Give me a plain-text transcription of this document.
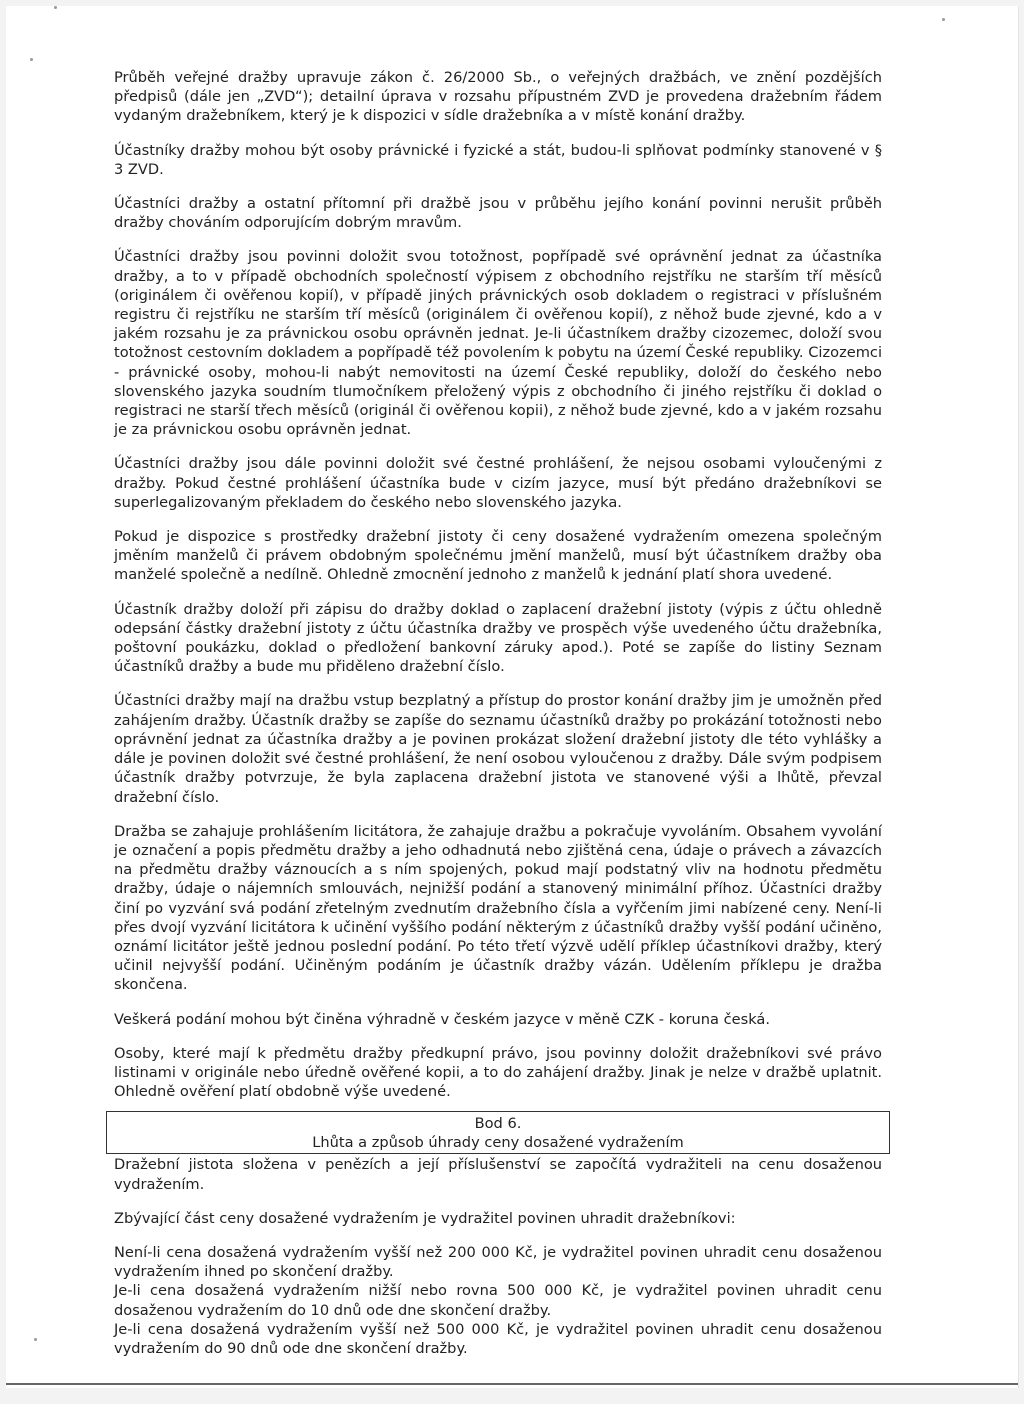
Průběh veřejné dražby upravuje zákon č. 26/2000 Sb., o veřejných dražbách, ve znění pozdějších předpisů (dále jen „ZVD“); detailní úprava v rozsahu přípustném ZVD je provedena dražebním řádem vydaným dražebníkem, který je k dispozici v sídle dražebníka a v místě konání dražby.

Účastníky dražby mohou být osoby právnické i fyzické a stát, budou-li splňovat podmínky stanovené v § 3 ZVD.

Účastníci dražby a ostatní přítomní při dražbě jsou v průběhu jejího konání povinni nerušit průběh dražby chováním odporujícím dobrým mravům.

Účastníci dražby jsou povinni doložit svou totožnost, popřípadě své oprávnění jednat za účastníka dražby, a to v případě obchodních společností výpisem z obchodního rejstříku ne starším tří měsíců (originálem či ověřenou kopií), v případě jiných právnických osob dokladem o registraci v příslušném registru či rejstříku ne starším tří měsíců (originálem či ověřenou kopií), z něhož bude zjevné, kdo a v jakém rozsahu je za právnickou osobu oprávněn jednat. Je-li účastníkem dražby cizozemec, doloží svou totožnost cestovním dokladem a popřípadě též povolením k pobytu na území České republiky. Cizozemci - právnické osoby, mohou-li nabýt nemovitosti na území České republiky, doloží do českého nebo slovenského jazyka soudním tlumočníkem přeložený výpis z obchodního či jiného rejstříku či doklad o registraci ne starší třech měsíců (originál či ověřenou kopii), z něhož bude zjevné, kdo a v jakém rozsahu je za právnickou osobu oprávněn jednat.

Účastníci dražby jsou dále povinni doložit své čestné prohlášení, že nejsou osobami vyloučenými z dražby. Pokud čestné prohlášení účastníka bude v cizím jazyce, musí být předáno dražebníkovi se superlegalizovaným překladem do českého nebo slovenského jazyka.

Pokud je dispozice s prostředky dražební jistoty či ceny dosažené vydražením omezena společným jměním manželů či právem obdobným společnému jmění manželů, musí být účastníkem dražby oba manželé společně a nedílně. Ohledně zmocnění jednoho z manželů k jednání platí shora uvedené.

Účastník dražby doloží při zápisu do dražby doklad o zaplacení dražební jistoty (výpis z účtu ohledně odepsání částky dražební jistoty z účtu účastníka dražby ve prospěch výše uvedeného účtu dražebníka, poštovní poukázku, doklad o předložení bankovní záruky apod.). Poté se zapíše do listiny Seznam účastníků dražby a bude mu přiděleno dražební číslo.

Účastníci dražby mají na dražbu vstup bezplatný a přístup do prostor konání dražby jim je umožněn před zahájením dražby. Účastník dražby se zapíše do seznamu účastníků dražby po prokázání totožnosti nebo oprávnění jednat za účastníka dražby a je povinen prokázat složení dražební jistoty dle této vyhlášky a dále je povinen doložit své čestné prohlášení, že není osobou vyloučenou z dražby. Dále svým podpisem účastník dražby potvrzuje, že byla zaplacena dražební jistota ve stanovené výši a lhůtě, převzal dražební číslo.

Dražba se zahajuje prohlášením licitátora, že zahajuje dražbu a pokračuje vyvoláním. Obsahem vyvolání je označení a popis předmětu dražby a jeho odhadnutá nebo zjištěná cena, údaje o právech a závazcích na předmětu dražby váznoucích a s ním spojených, pokud mají podstatný vliv na hodnotu předmětu dražby, údaje o nájemních smlouvách, nejnižší podání a stanovený minimální příhoz. Účastníci dražby činí po vyzvání svá podání zřetelným zvednutím dražebního čísla a vyřčením jimi nabízené ceny. Není-li přes dvojí vyzvání licitátora k učinění vyššího podání některým z účastníků dražby vyšší podání učiněno, oznámí licitátor ještě jednou poslední podání. Po této třetí výzvě udělí příklep účastníkovi dražby, který učinil nejvyšší podání. Učiněným podáním je účastník dražby vázán. Udělením příklepu je dražba skončena.

Veškerá podání mohou být činěna výhradně v českém jazyce v měně CZK - koruna česká.

Osoby, které mají k předmětu dražby předkupní právo, jsou povinny doložit dražebníkovi své právo listinami v originále nebo úředně ověřené kopii, a to do zahájení dražby. Jinak je nelze v dražbě uplatnit. Ohledně ověření platí obdobně výše uvedené.

Bod 6.
Lhůta a způsob úhrady ceny dosažené vydražením

Dražební jistota složena v penězích a její příslušenství se započítá vydražiteli na cenu dosaženou vydražením.

Zbývající část ceny dosažené vydražením je vydražitel povinen uhradit dražebníkovi:

Není-li cena dosažená vydražením vyšší než 200 000 Kč, je vydražitel povinen uhradit cenu dosaženou vydražením ihned po skončení dražby.

Je-li cena dosažená vydražením nižší nebo rovna 500 000 Kč, je vydražitel povinen uhradit cenu dosaženou vydražením do 10 dnů ode dne skončení dražby.

Je-li cena dosažená vydražením vyšší než 500 000 Kč, je vydražitel povinen uhradit cenu dosaženou vydražením do 90 dnů ode dne skončení dražby.
